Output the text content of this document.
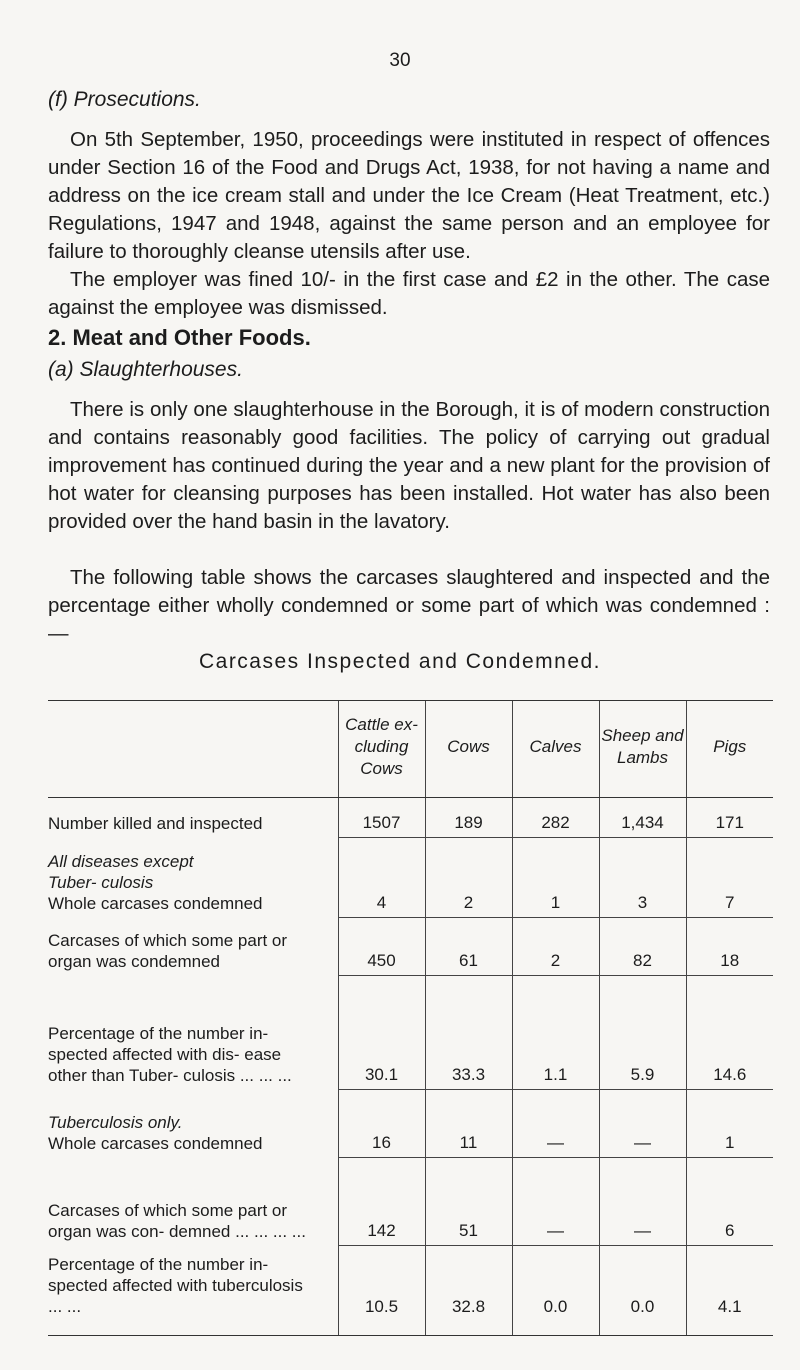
30
(f) Prosecutions.
On 5th September, 1950, proceedings were instituted in respect of offences under Section 16 of the Food and Drugs Act, 1938, for not having a name and address on the ice cream stall and under the Ice Cream (Heat Treatment, etc.) Regulations, 1947 and 1948, against the same person and an employee for failure to thoroughly cleanse utensils after use.
The employer was fined 10/- in the first case and £2 in the other. The case against the employee was dismissed.
2. Meat and Other Foods.
(a) Slaughterhouses.
There is only one slaughterhouse in the Borough, it is of modern construction and contains reasonably good facilities. The policy of carrying out gradual improvement has continued during the year and a new plant for the provision of hot water for cleansing purposes has been installed. Hot water has also been provided over the hand basin in the lavatory.
The following table shows the carcases slaughtered and inspected and the percentage either wholly condemned or some part of which was condemned :—
Carcases Inspected and Condemned.
	Cattle ex- cluding Cows	Cows	Calves	Sheep and Lambs	Pigs
Number killed and inspected	1507	189	282	1,434	171

All diseases except Tuber- culosis
Whole carcases condemned	4	2	1	3	7

Carcases of which some part or organ was condemned	450	61	2	82	18

Percentage of the number in- spected affected with dis- ease other than Tuber- culosis ... ... ...	30.1	33.3	1.1	5.9	14.6

Tuberculosis only.
Whole carcases condemned	16	11	—	—	1

Carcases of which some part or organ was con- demned ... ... ... ...	142	51	—	—	6

Percentage of the number in- spected affected with tuberculosis ... ...	10.5	32.8	0.0	0.0	4.1
